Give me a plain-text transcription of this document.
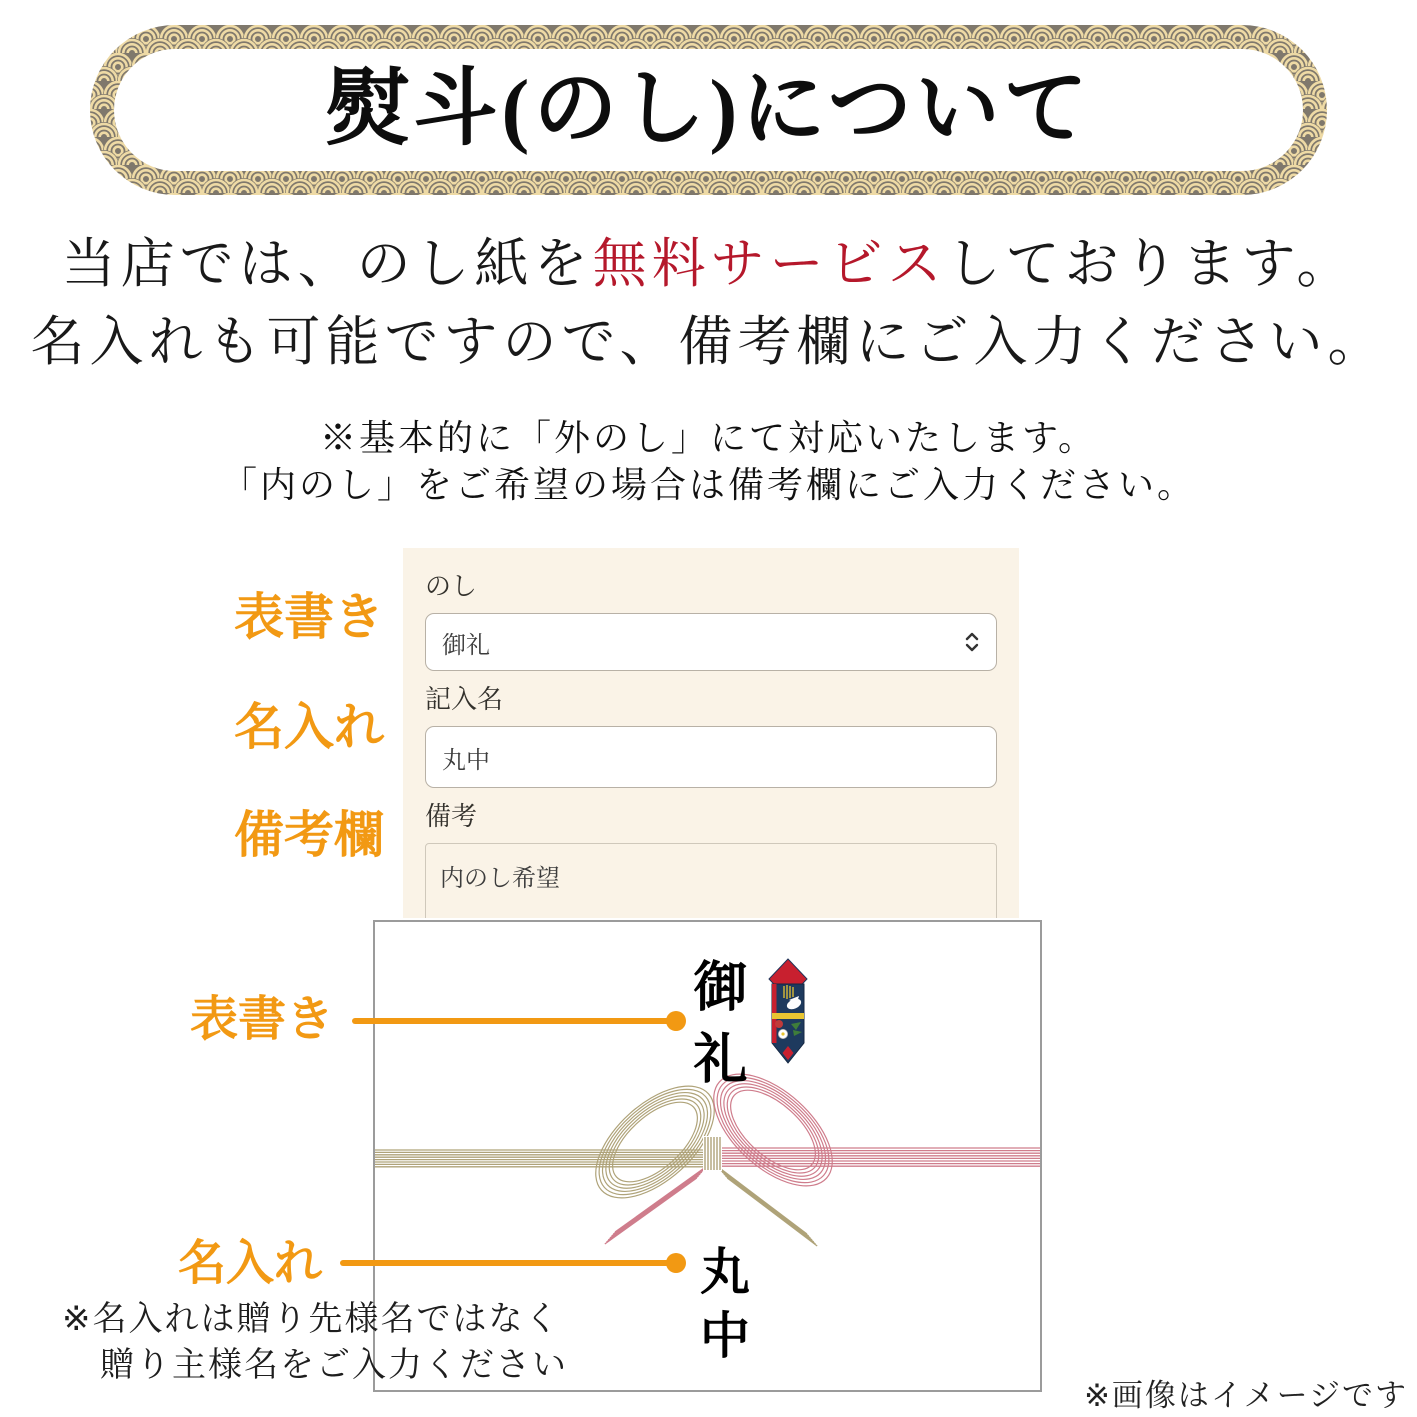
熨斗(のし)について
当店では、のし紙を無料サービスしております。
名入れも可能ですので、備考欄にご入力ください。
※基本的に「外のし」にて対応いたします。
「内のし」をご希望の場合は備考欄にご入力ください。
表書き
名入れ
備考欄
のし
御礼
記入名
丸中
備考
内のし希望
御礼
丸中
表書き
名入れ
※名入れは贈り先様名ではなく
贈り主様名をご入力ください
※画像はイメージです
